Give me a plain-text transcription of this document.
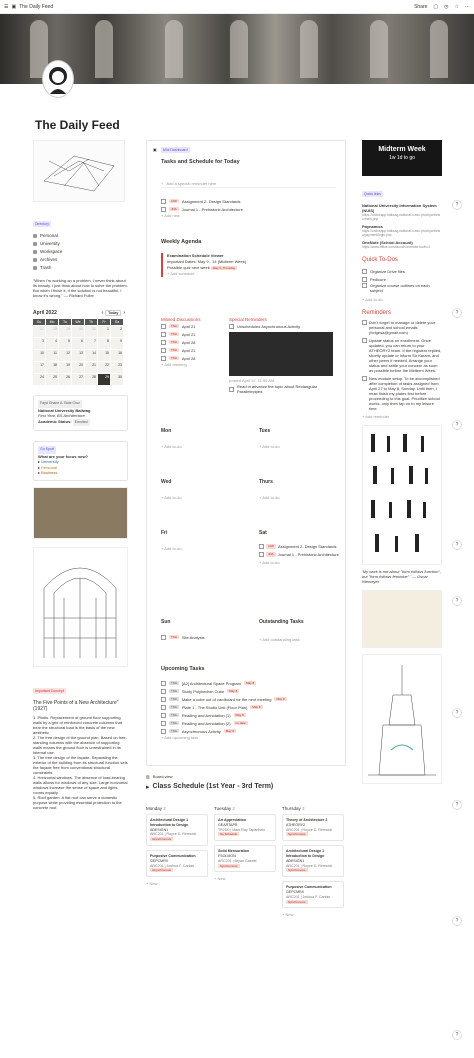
☰ ▣ The Daily Feed	Share ▢ ◷ ☆ ⋯
The Daily Feed
Directory
Personal
University
Workspace
Archives
Trash
"When I'm working on a problem, I never think about its beauty. I just think about how to solve the problem. But when I finish it, if the solution is not beautiful, I know it's wrong." — Richard Fuller
April 2022	‹	Today	›
Su	Mo	Tu	We	Th	Fr	Sa
27	28	29	30	31	1	2
3	4	5	6	7	8	9
10	11	12	13	14	15	16
17	18	19	20	21	22	23
24	25	26	27	28	29	30
Fayd Ghane A. Bote Cruz
National University Baliwag
First Year, BS Architecture
Academic Status: Enrolled
Go Sport
What are your focus now?
▸ University
▸ Personal
▸ Business
Important Concept
The Five Points of a New Architecture" (1927)
1. Pilotis. Replacement of ground floor supporting walls by a grid of reinforced concrete columns that bear the structural load is the basis of the new aesthetic.
2. The free design of the ground plan. Based on free-standing columns with the absence of supporting walls means the ground floor is unrestrained in its internal use.
3. The free design of the façade. Separating the exterior of the building from its structural function sets the façade free from conventional structural constraints.
4. Horizontal windows. The absence of load-bearing walls allows for windows of any size. Large horizontal windows increase the sense of space and lights rooms equally.
5. Roof garden. A flat roof can serve a domestic purpose while providing essential protection to the concrete roof.
▣	Mini Dashboard
Tasks and Schedule for Today
+ Add a special reminder here
ASP	Assignment 2- Design Standards
JNA	Journal 1 - Prehistoric Architecture
+ Add new
Weekly Agenda
Examination Schedule Viewer
Important Dates: May 9 - 14 (Midterm Week)
Possible quiz next week May 5, Thursday
+ Add schedule
Missed Discussions
TSA	April 21
TSA	April 21
TSA	April 28
TSA	April 21
TSA	April 28
+ Add meeting
Special Reminders
Unscheduled Asynchronous Activity
posted April 12, 11:59 AM
Read in advance the topic about Rectangular Parallelepiped
Mon
+ Add to-do
Tues
+ Add to-do
Wed
+ Add to-do
Thurs
+ Add to-do
Fri
+ Add to-do
Sat
ASP	Assignment 2- Design Standards
JNA	Journal 1 - Prehistoric Architecture
+ Add to-do
Sun
TSA	Site Analysis
Outstanding Tasks
+ Add outstanding task
Upcoming Tasks
TSA	[A2] Architectural Space Program	May 8
TSA	Study Polyhedron Cube	May 8
TSA	Make a cube out of cardboard for the next meeting	May 8
TSA	Plate 1 - The Studio Unit (Floor Plan)	May 8
TSA	Reading and Annotation (1)	May 8
TSA	Reading and Annotation (2)	no date
TSA	Asynchronous Activity	May 9
+ Add upcoming task
▥ Board view
▸ Class Schedule (1st Year - 3rd Term)
Monday 2
Architectural Design 1 Introduction to Design
ADESIGN1
ARC201 | Royce D. Remoral
Asynchronous
Purposive Communication
GEPCMRX
ARC201 | Joshua F. Canlas
Asynchronous
+ New
Tuesday 2
Art Appreciation
GEARTAPR
TR2D0 | Mark Ray Tapanhele
No Schedule
Solid Mensuration
FSOLMON
ARC201 | Bryan Gabriel
Synchronous
+ New
Thursday 3
Theory of Architecture 2
ATHEORY2
ARC201 | Royce D. Remoral
Synchronous
Architectural Design 1 Introduction to Design
ADESIGN1
ARC201 | Royce D. Remoral
Synchronous
Purposive Communication
GEPCMRX
ARC201 | Joshua F. Canlas
Synchronous
+ New
Midterm Week
1w 1d to go
Quick links
National University Information System (NUIS)
https://onlineapp.baliwag.national-u.edu.ph/criparthnsc/main.php
Paynamics
https://onlineapp.baliwag.national-u.edu.ph/criparthnsc/payment/login.php
OneNote (School Account)
https://www.office.com/launch/onenote?auth=2
Quick To-Dos
Organize Drive files
Pedicure
Organize course outlines on each subject
+ Add to-do
Reminders
Don't forget to manage or delete your personal and school emails (fcrigesa@gmail.com)
Update status on enrollment. Once updated, you can return to your ATHEORY2 team. If the registrar replied, shortly update or inform Sir Karam, and other peers if needed. Arrange your status and settle your concern as soon as possible before the Midterm Week.
New module setup. To be accomplished after completion of tasks assigned from April 27 to May 8, Sunday. Until then, I must finish my plates first before proceeding to this goal. Prioritize school works, only then tap on to my leisure time.
+ Add reminder
'My work is not about "form follows function", but "form follows feminine".' — Oscar Niemeyer
?
?
?
?
?
?
?
?
?
